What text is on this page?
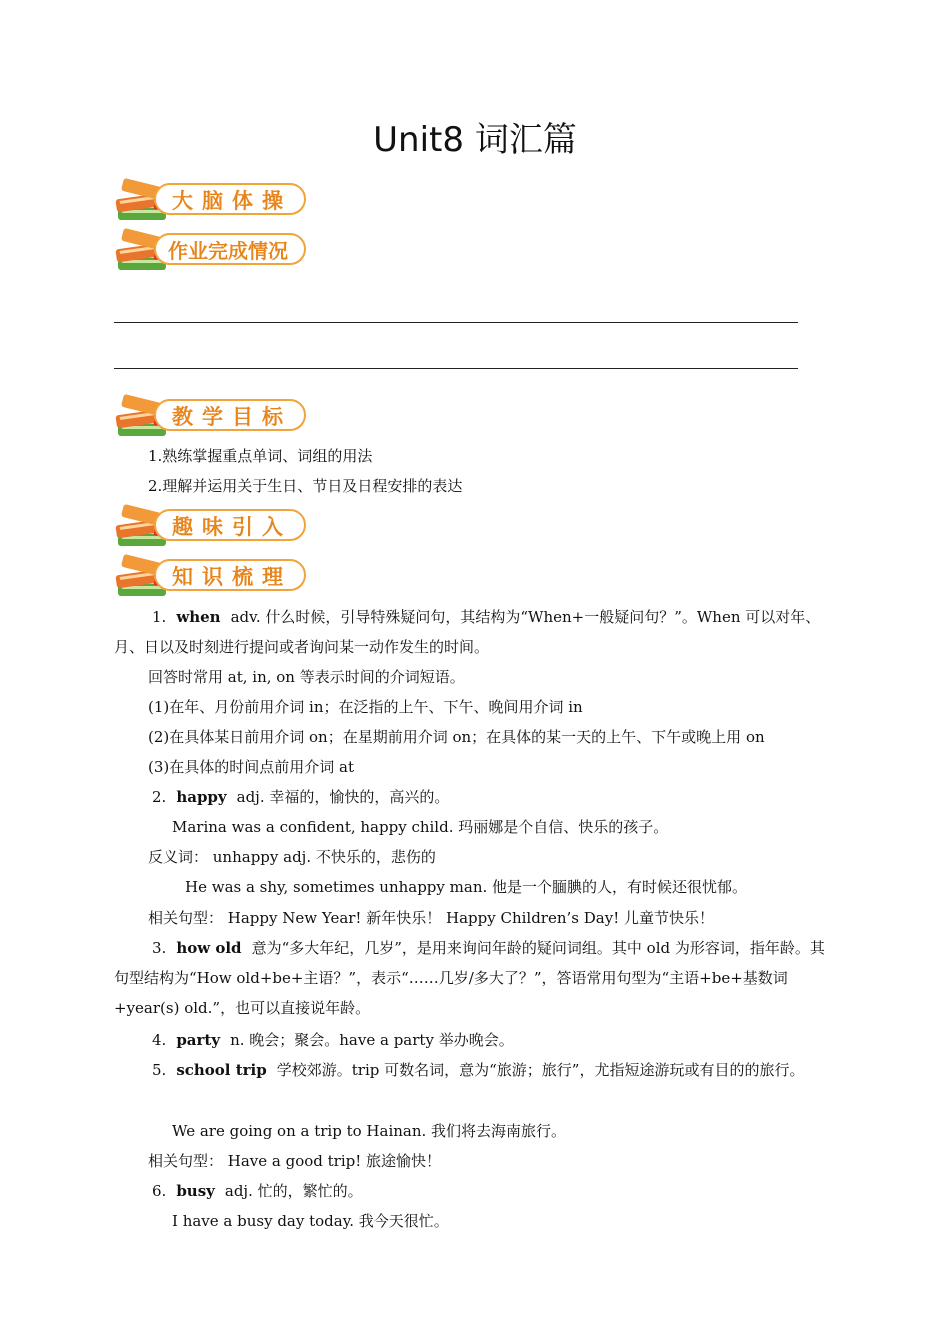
Unit8 词汇篇
大脑体操
作业完成情况
教学目标
1.熟练掌握重点单词、词组的用法
2.理解并运用关于生日、节日及日程安排的表达
趣味引入
知识梳理
1. when adv. 什么时候，引导特殊疑问句，其结构为“When+一般疑问句？”。When 可以对年、月、日以及时刻进行提问或者询问某一动作发生的时间。
回答时常用 at, in, on 等表示时间的介词短语。
(1)在年、月份前用介词 in；在泛指的上午、下午、晚间用介词 in
(2)在具体某日前用介词 on；在星期前用介词 on；在具体的某一天的上午、下午或晚上用 on
(3)在具体的时间点前用介词 at
2. happy adj. 幸福的，愉快的，高兴的。
Marina was a confident, happy child. 玛丽娜是个自信、快乐的孩子。
反义词： unhappy adj. 不快乐的，悲伤的
He was a shy, sometimes unhappy man. 他是一个腼腆的人，有时候还很忧郁。
相关句型： Happy New Year! 新年快乐！ Happy Children’s Day! 儿童节快乐！
3. how old 意为“多大年纪，几岁”，是用来询问年龄的疑问词组。其中 old 为形容词，指年龄。其句型结构为“How old+be+主语？”，表示“……几岁/多大了？”，答语常用句型为“主语+be+基数词+year(s) old.”，也可以直接说年龄。
4. party n. 晚会；聚会。have a party 举办晚会。
5. school trip 学校郊游。trip 可数名词，意为“旅游；旅行”，尤指短途游玩或有目的的旅行。
We are going on a trip to Hainan. 我们将去海南旅行。
相关句型： Have a good trip! 旅途愉快！
6. busy adj. 忙的，繁忙的。
I have a busy day today. 我今天很忙。
